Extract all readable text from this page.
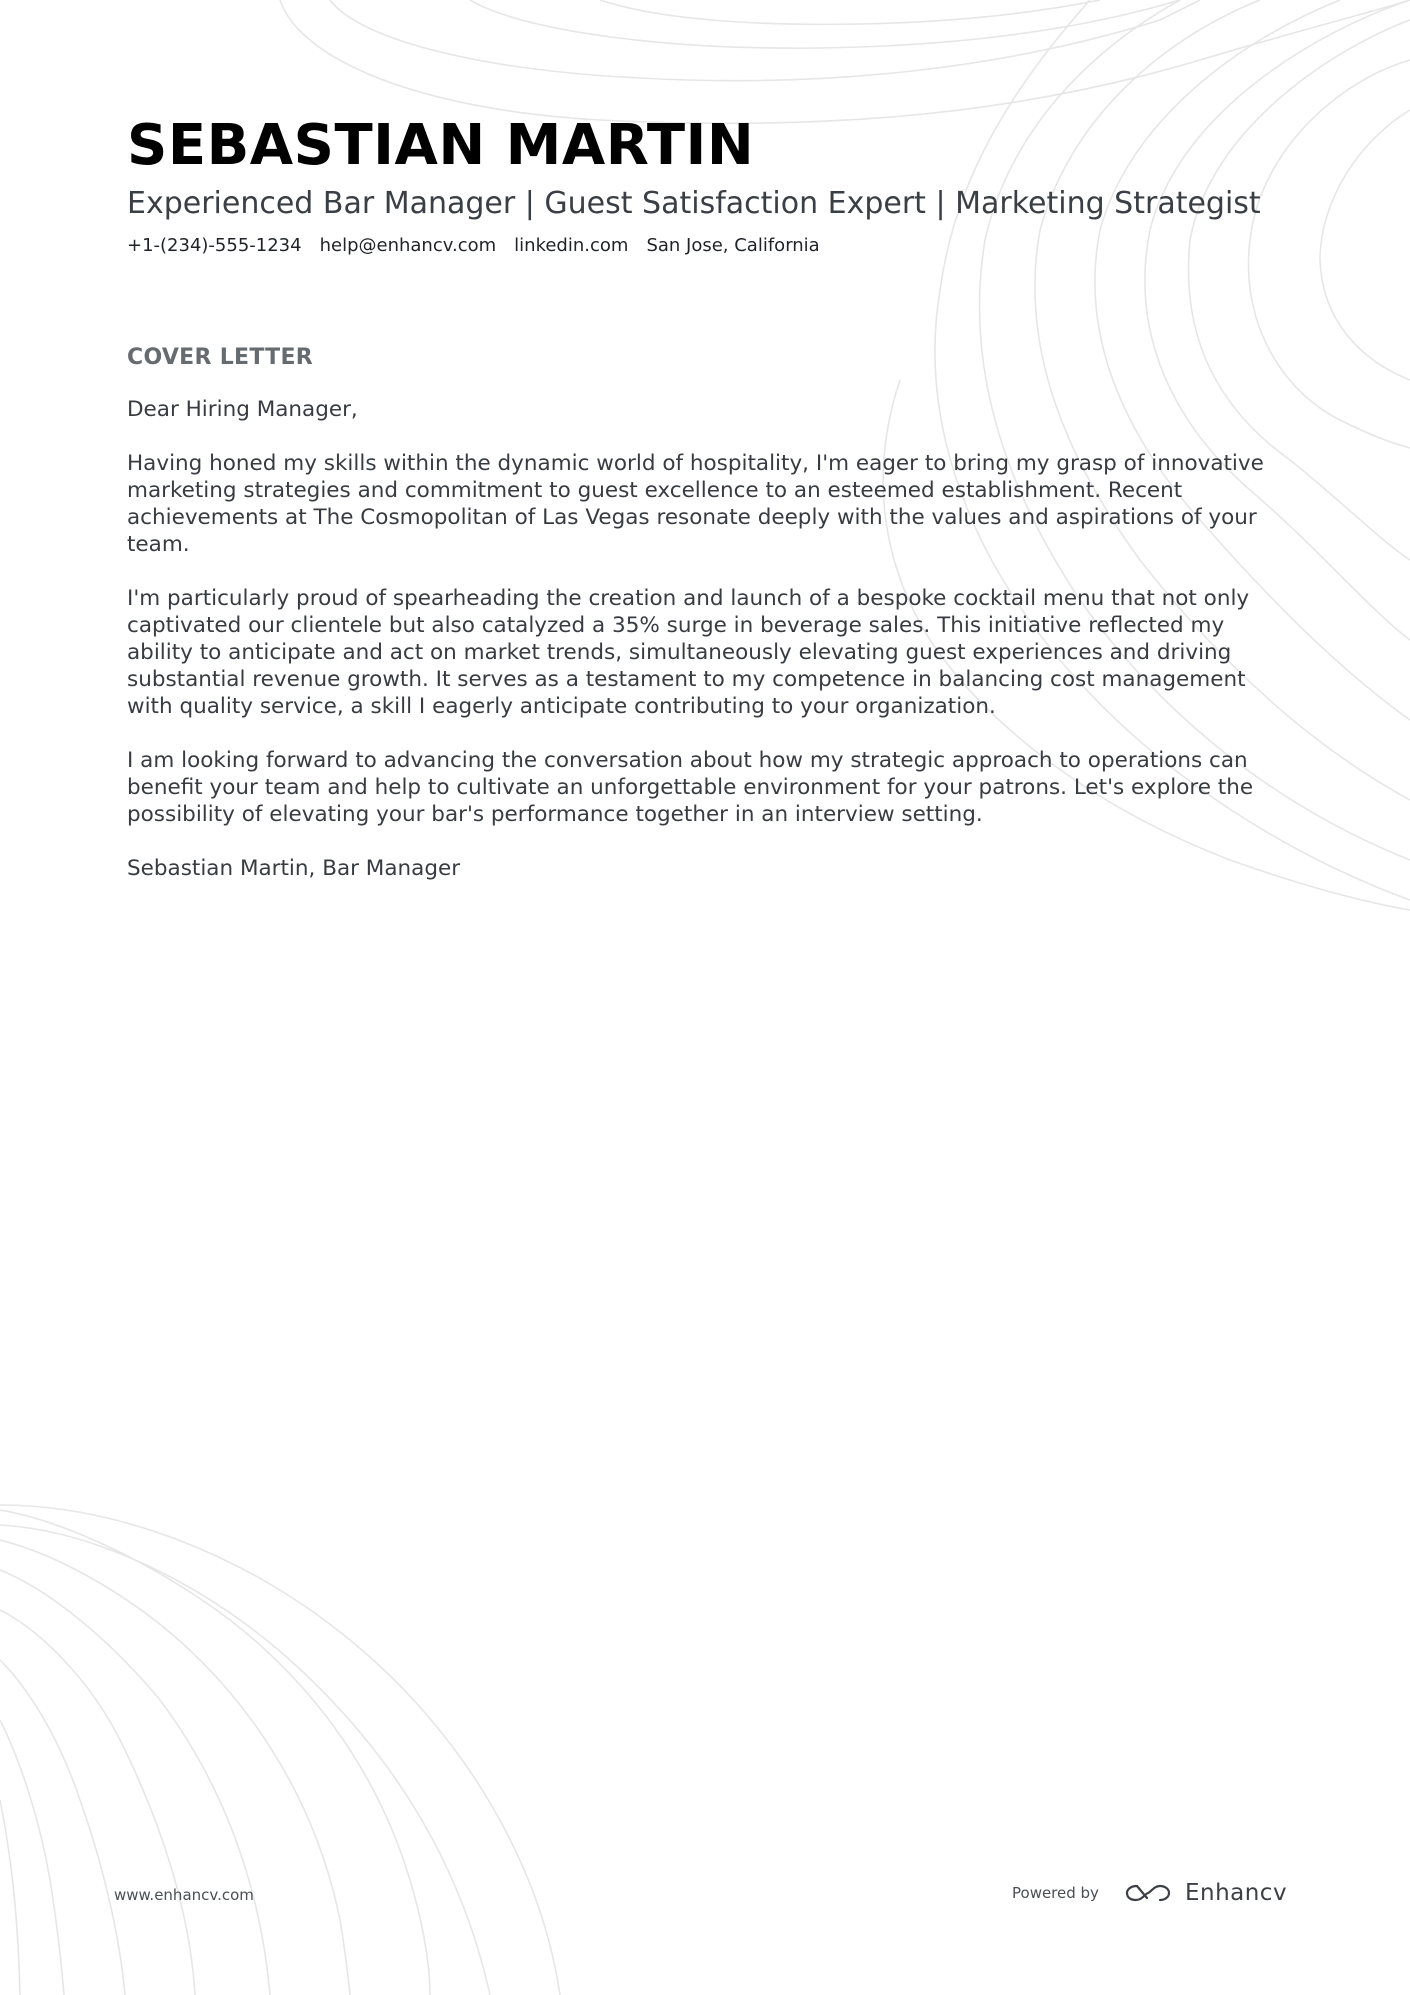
SEBASTIAN MARTIN
Experienced Bar Manager | Guest Satisfaction Expert | Marketing Strategist
+1-(234)-555-1234 help@enhancv.com linkedin.com San Jose, California
COVER LETTER

Dear Hiring Manager,

Having honed my skills within the dynamic world of hospitality, I'm eager to bring my grasp of innovative marketing strategies and commitment to guest excellence to an esteemed establishment. Recent achievements at The Cosmopolitan of Las Vegas resonate deeply with the values and aspirations of your team.

I'm particularly proud of spearheading the creation and launch of a bespoke cocktail menu that not only captivated our clientele but also catalyzed a 35% surge in beverage sales. This initiative reflected my ability to anticipate and act on market trends, simultaneously elevating guest experiences and driving substantial revenue growth. It serves as a testament to my competence in balancing cost management with quality service, a skill I eagerly anticipate contributing to your organization.

I am looking forward to advancing the conversation about how my strategic approach to operations can benefit your team and help to cultivate an unforgettable environment for your patrons. Let's explore the possibility of elevating your bar's performance together in an interview setting.

Sebastian Martin, Bar Manager

www.enhancv.com	Powered by	Enhancv
